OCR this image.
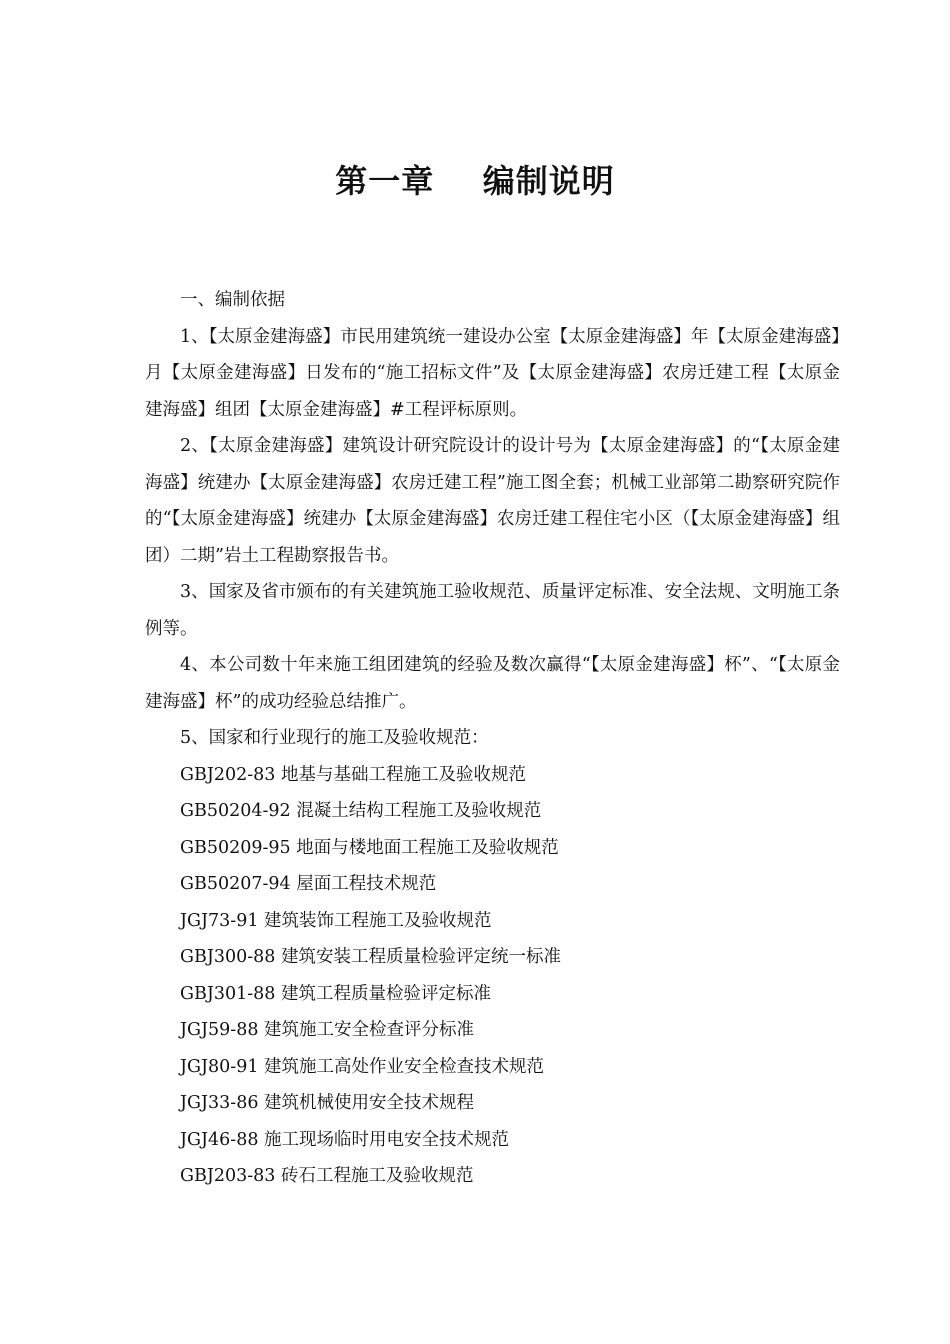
第一章    编制说明

一、编制依据

1、【太原金建海盛】市民用建筑统一建设办公室【太原金建海盛】年【太原金建海盛】月【太原金建海盛】日发布的“施工招标文件”及【太原金建海盛】农房迁建工程【太原金建海盛】组团【太原金建海盛】#工程评标原则。

2、【太原金建海盛】建筑设计研究院设计的设计号为【太原金建海盛】的“【太原金建海盛】统建办【太原金建海盛】农房迁建工程”施工图全套；机械工业部第二勘察研究院作的“【太原金建海盛】统建办【太原金建海盛】农房迁建工程住宅小区（【太原金建海盛】组团）二期”岩土工程勘察报告书。

3、国家及省市颁布的有关建筑施工验收规范、质量评定标准、安全法规、文明施工条例等。

4、本公司数十年来施工组团建筑的经验及数次赢得“【太原金建海盛】杯”、“【太原金建海盛】杯”的成功经验总结推广。

5、国家和行业现行的施工及验收规范：

GBJ202-83 地基与基础工程施工及验收规范

GB50204-92 混凝土结构工程施工及验收规范

GB50209-95 地面与楼地面工程施工及验收规范

GB50207-94 屋面工程技术规范

JGJ73-91 建筑装饰工程施工及验收规范

GBJ300-88 建筑安装工程质量检验评定统一标准

GBJ301-88 建筑工程质量检验评定标准

JGJ59-88 建筑施工安全检查评分标准

JGJ80-91 建筑施工高处作业安全检查技术规范

JGJ33-86 建筑机械使用安全技术规程

JGJ46-88 施工现场临时用电安全技术规范

GBJ203-83 砖石工程施工及验收规范
